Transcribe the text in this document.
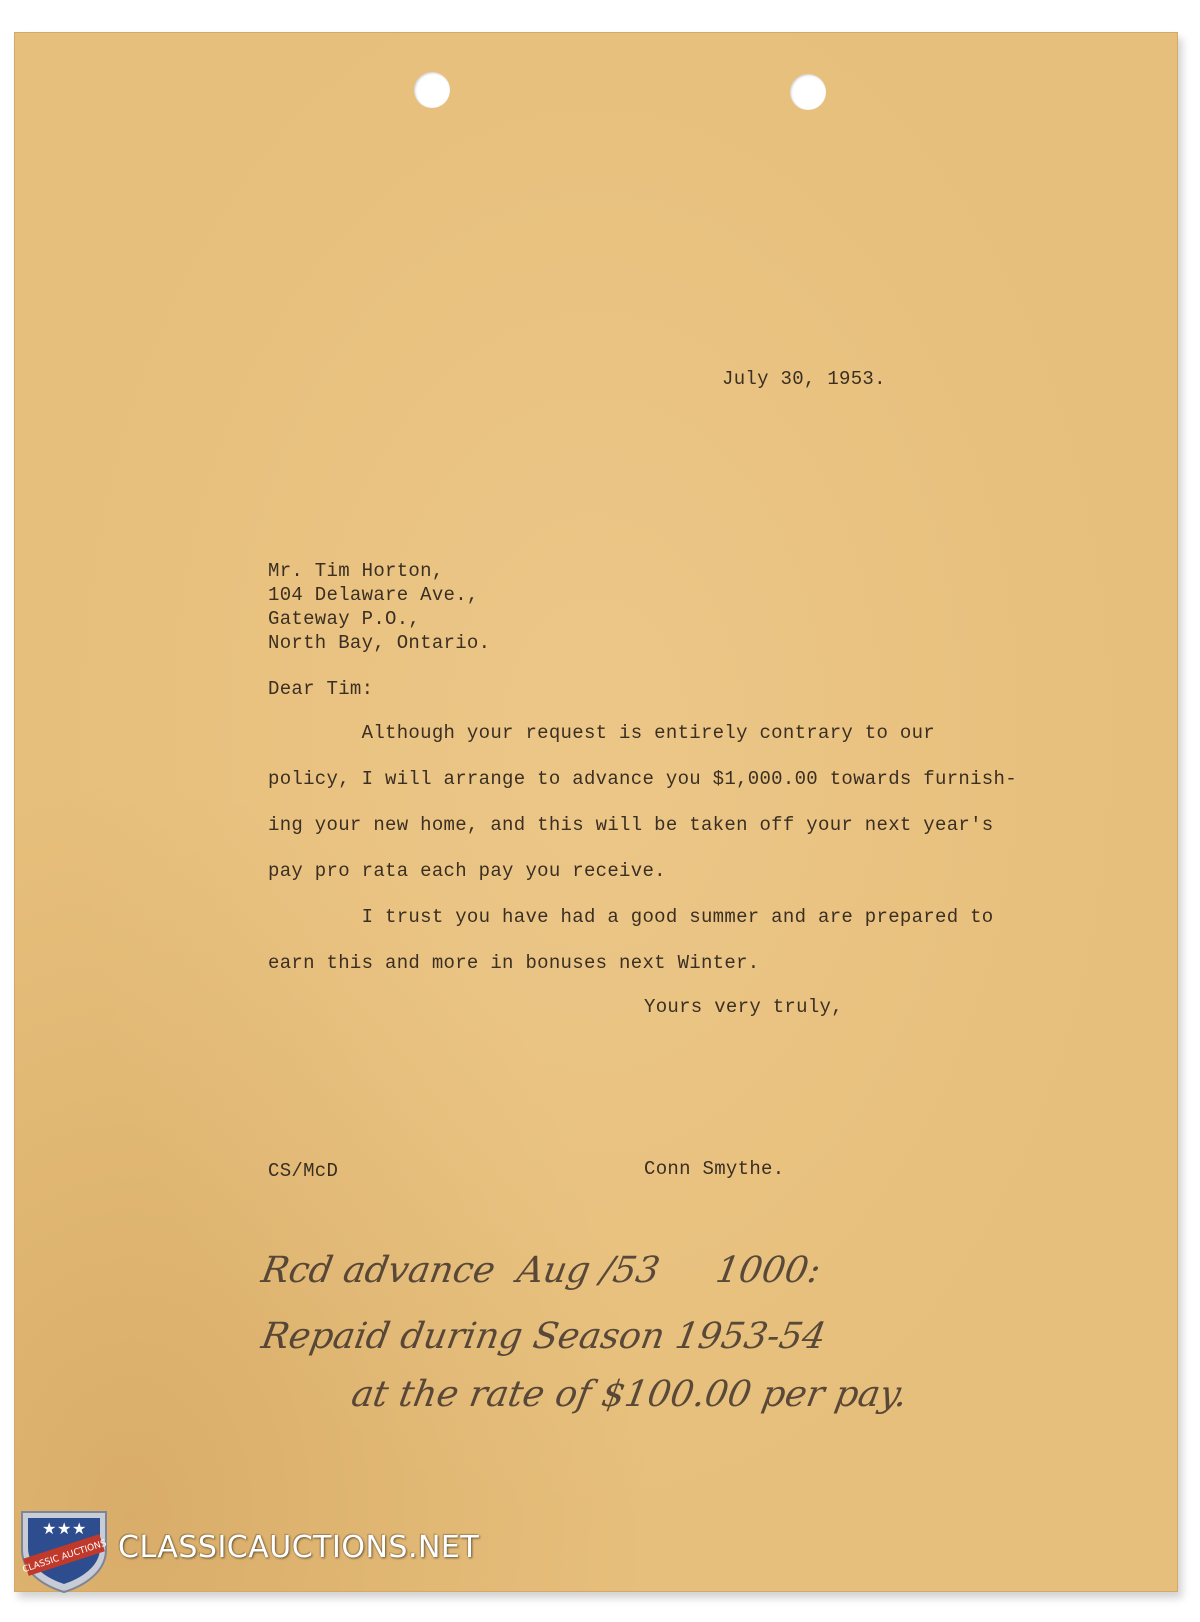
July 30, 1953.
Mr. Tim Horton,
104 Delaware Ave.,
Gateway P.O.,
North Bay, Ontario.
Dear Tim:
Although your request is entirely contrary to our
policy, I will arrange to advance you $1,000.00 towards furnish-
ing your new home, and this will be taken off your next year's
pay pro rata each pay you receive.
I trust you have had a good summer and are prepared to
earn this and more in bonuses next Winter.
Yours very truly,
CS/McD	Conn Smythe.
Rcd advance  Aug /53     1000:
Repaid during Season 1953-54
at the rate of $100.00 per pay.
★ ★ ★
CLASSIC AUCTIONS CLASSICAUCTIONS.NET
